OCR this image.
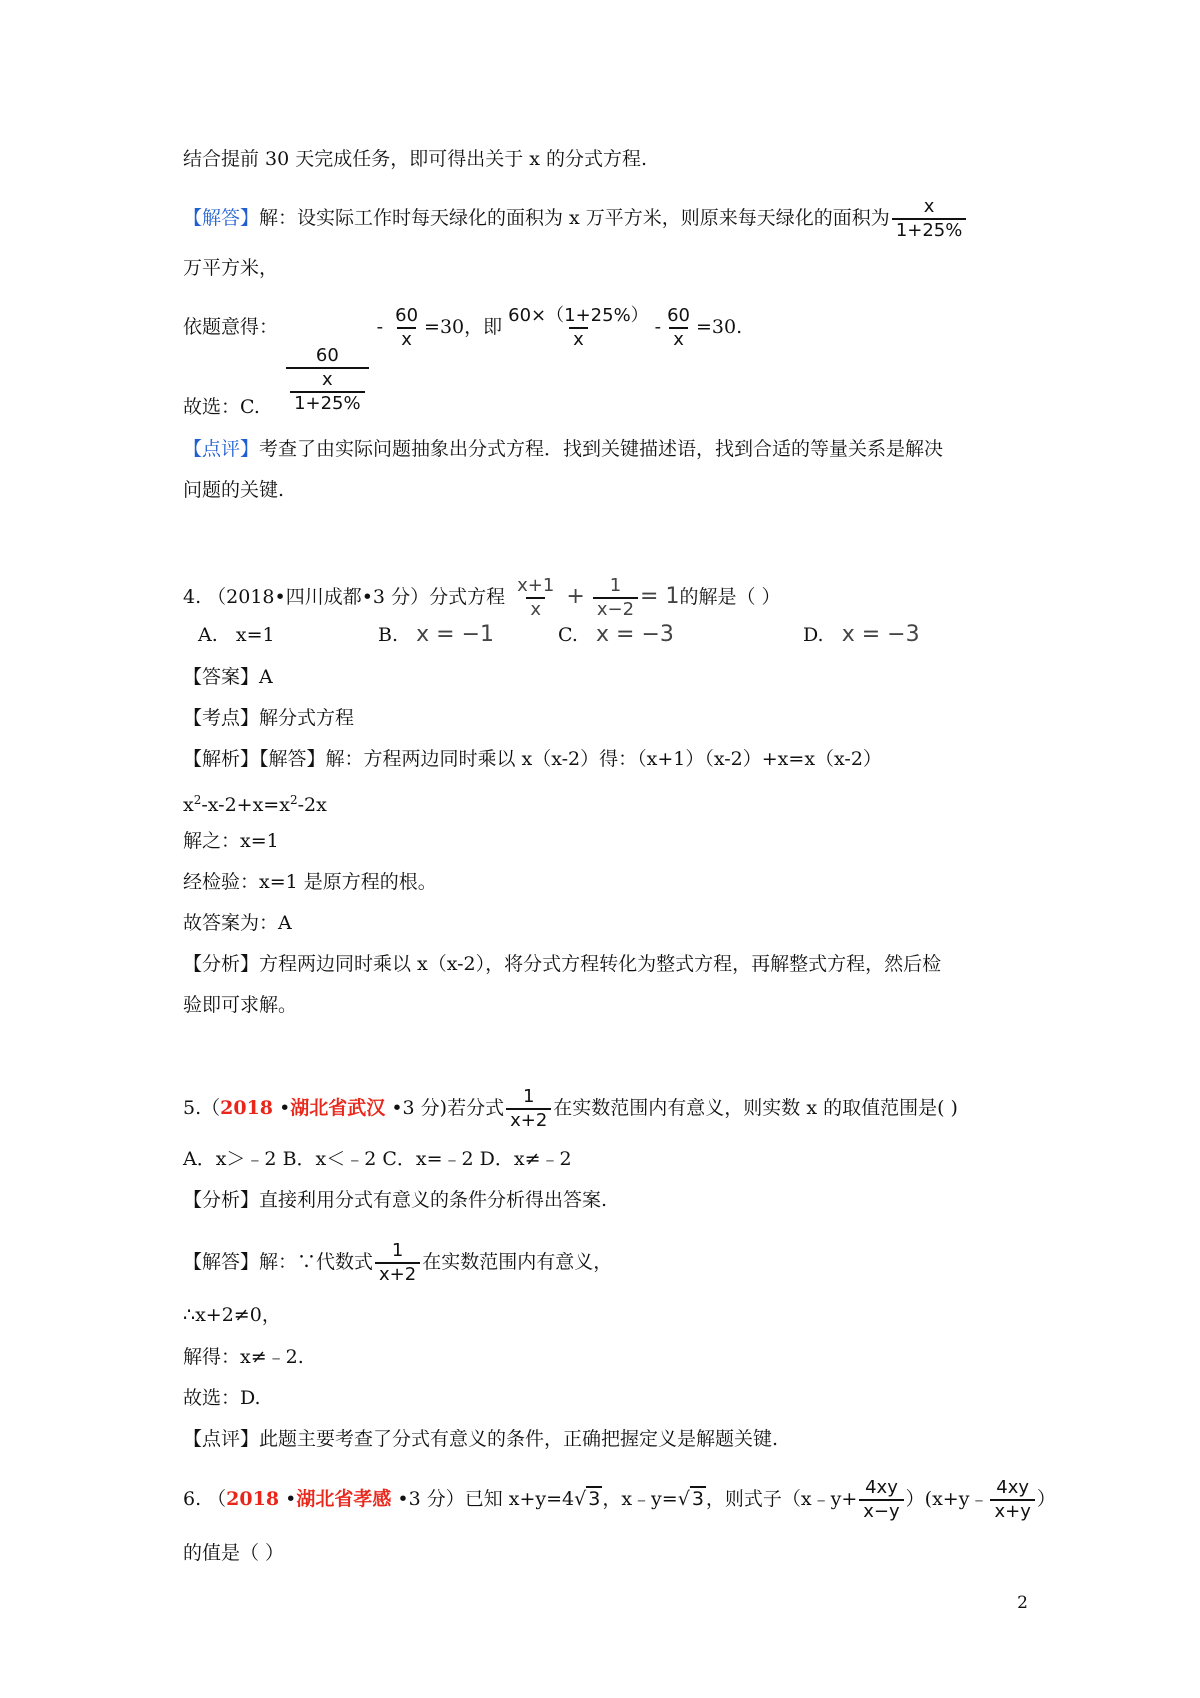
结合提前 30 天完成任务，即可得出关于 x 的分式方程.
【解答】解：设实际工作时每天绿化的面积为 x 万平方米，则原来每天绿化的面积为 $\frac{x}{1+25\%}$
万平方米，
依题意得：
$\frac{60}{\frac{x}{1+25\%}}$
- $\frac{60}{x} =30$，即 $\frac{60\times(1+25\%)}{x} - \frac{60}{x} =30$.
故选：C.
【点评】考查了由实际问题抽象出分式方程．找到关键描述语，找到合适的等量关系是解决
问题的关键.
4. （2018•四川成都•3 分）分式方程 $\frac{x+1}{x} + \frac{1}{x-2} = 1$的解是（ ）
A. x=1	B. x = −1	C. x = −3	D. x = −3
【答案】A
【考点】解分式方程
【解析】【解答】解：方程两边同时乘以 x（x-2）得：（x+1）（x-2）+x=x（x-2）
$x^2-x-2+x=x^2-2x$
解之：x=1
经检验：x=1 是原方程的根。
故答案为：A
【分析】方程两边同时乘以 x（x-2），将分式方程转化为整式方程，再解整式方程，然后检
验即可求解。
5.（2018 •湖北省武汉 •3 分)若分式 $\frac{1}{x+2}$ 在实数范围内有意义，则实数 x 的取值范围是( )
A．x＞﹣2 B．x＜﹣2 C．x=﹣2 D．x≠﹣2
【分析】直接利用分式有意义的条件分析得出答案.
【解答】解：∵代数式 $\frac{1}{x+2}$ 在实数范围内有意义，
∴x+2≠0，
解得：x≠﹣2.
故选：D.
【点评】此题主要考查了分式有意义的条件，正确把握定义是解题关键.
6. （2018 •湖北省孝感 •3 分）已知 x+y=4√ 3 ，x﹣y=√ 3 ，则式子（x﹣y+ $\frac{4xy}{x-y}$ ）(x+y﹣ $\frac{4xy}{x+y}$ ）
的值是（ ）
2
